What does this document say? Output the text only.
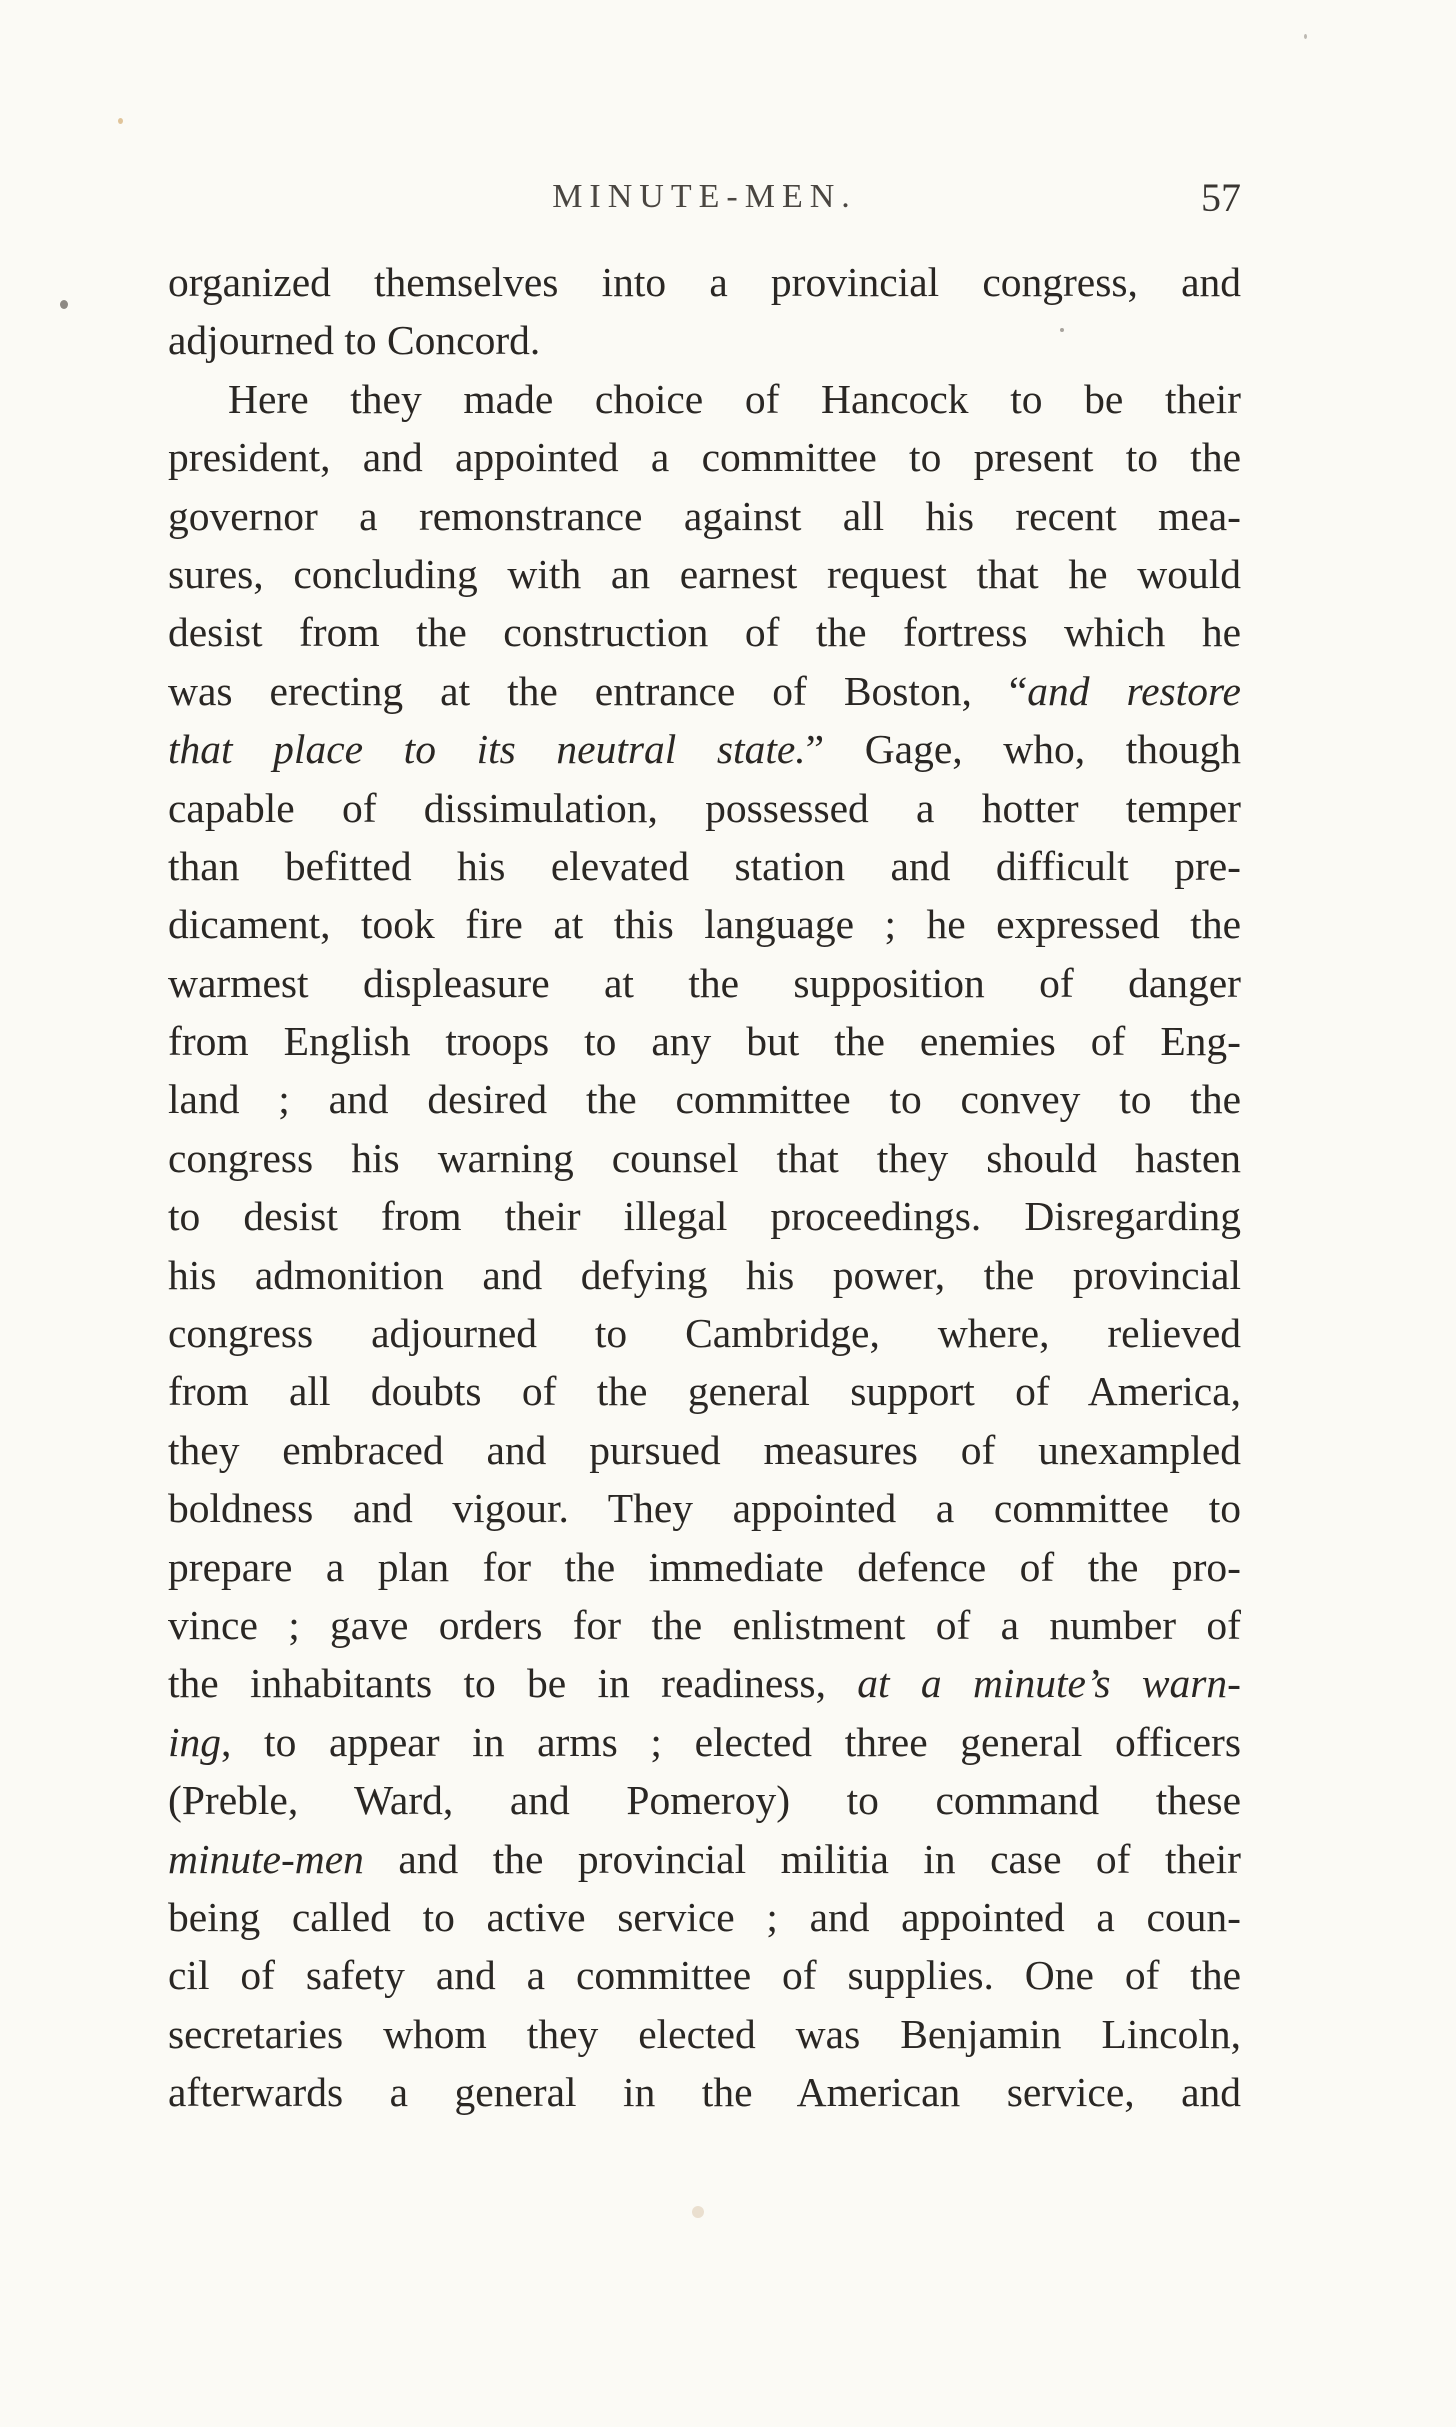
MINUTE-MEN.	57
organized themselves into a provincial congress, and
adjourned to Concord.
Here they made choice of Hancock to be their
president, and appointed a committee to present to the
governor a remonstrance against all his recent mea-
sures, concluding with an earnest request that he would
desist from the construction of the fortress which he
was erecting at the entrance of Boston, “and restore
that place to its neutral state.” Gage, who, though
capable of dissimulation, possessed a hotter temper
than befitted his elevated station and difficult pre-
dicament, took fire at this language ; he expressed the
warmest displeasure at the supposition of danger
from English troops to any but the enemies of Eng-
land ; and desired the committee to convey to the
congress his warning counsel that they should hasten
to desist from their illegal proceedings. Disregarding
his admonition and defying his power, the provincial
congress adjourned to Cambridge, where, relieved
from all doubts of the general support of America,
they embraced and pursued measures of unexampled
boldness and vigour. They appointed a committee to
prepare a plan for the immediate defence of the pro-
vince ; gave orders for the enlistment of a number of
the inhabitants to be in readiness, at a minute’s warn-
ing, to appear in arms ; elected three general officers
(Preble, Ward, and Pomeroy) to command these
minute-men and the provincial militia in case of their
being called to active service ; and appointed a coun-
cil of safety and a committee of supplies. One of the
secretaries whom they elected was Benjamin Lincoln,
afterwards a general in the American service, and
